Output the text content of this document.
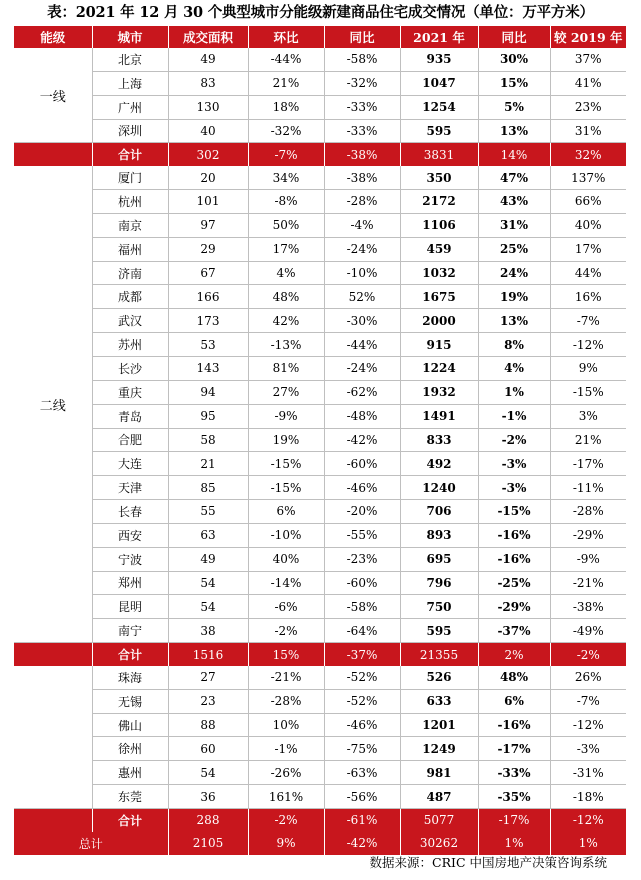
表：2021 年 12 月 30 个典型城市分能级新建商品住宅成交情况（单位：万平方米）
能级	城市	成交面积	环比	同比	2021 年	同比	较 2019 年
一线	北京	49	-44%	-58%	935	30%	37%
	上海	83	21%	-32%	1047	15%	41%
	广州	130	18%	-33%	1254	5%	23%
	深圳	40	-32%	-33%	595	13%	31%
	合计	302	-7%	-38%	3831	14%	32%
二线	厦门	20	34%	-38%	350	47%	137%
	杭州	101	-8%	-28%	2172	43%	66%
	南京	97	50%	-4%	1106	31%	40%
	福州	29	17%	-24%	459	25%	17%
	济南	67	4%	-10%	1032	24%	44%
	成都	166	48%	52%	1675	19%	16%
	武汉	173	42%	-30%	2000	13%	-7%
	苏州	53	-13%	-44%	915	8%	-12%
	长沙	143	81%	-24%	1224	4%	9%
	重庆	94	27%	-62%	1932	1%	-15%
	青岛	95	-9%	-48%	1491	-1%	3%
	合肥	58	19%	-42%	833	-2%	21%
	大连	21	-15%	-60%	492	-3%	-17%
	天津	85	-15%	-46%	1240	-3%	-11%
	长春	55	6%	-20%	706	-15%	-28%
	西安	63	-10%	-55%	893	-16%	-29%
	宁波	49	40%	-23%	695	-16%	-9%
	郑州	54	-14%	-60%	796	-25%	-21%
	昆明	54	-6%	-58%	750	-29%	-38%
	南宁	38	-2%	-64%	595	-37%	-49%
	合计	1516	15%	-37%	21355	2%	-2%
	珠海	27	-21%	-52%	526	48%	26%
	无锡	23	-28%	-52%	633	6%	-7%
	佛山	88	10%	-46%	1201	-16%	-12%
	徐州	60	-1%	-75%	1249	-17%	-3%
	惠州	54	-26%	-63%	981	-33%	-31%
	东莞	36	161%	-56%	487	-35%	-18%
	合计	288	-2%	-61%	5077	-17%	-12%
总计		2105	9%	-42%	30262	1%	1%
数据来源：CRIC 中国房地产决策咨询系统
